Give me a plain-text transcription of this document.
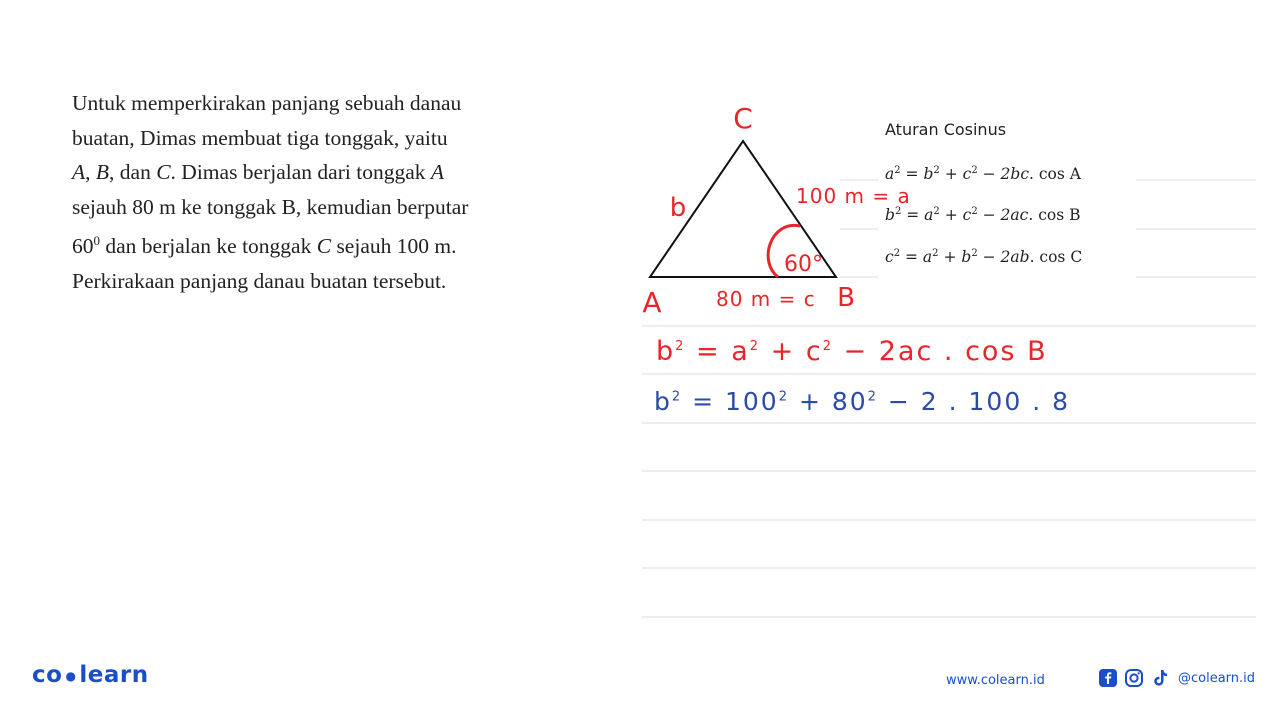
Untuk memperkirakan panjang sebuah danau

buatan, Dimas membuat tiga tonggak, yaitu

A, B, dan C. Dimas berjalan dari tonggak A

sejauh 80 m ke tonggak B, kemudian berputar

$60^0$ dan berjalan ke tonggak C sejauh 100 m.

Perkirakaan panjang danau buatan tersebut.

C
A	B
b	100 m = a
80 m = c
60°
Aturan Cosinus
$a^2 = b^2 + c^2 - 2bc$. cos A
$b^2 = a^2 + c^2 - 2ac$. cos B
$c^2 = a^2 + b^2 - 2ab$. cos C
$b^2 = a^2 + c^2 - 2ac$ . cos B
$b^2 = 100^2 + 80^2 - 2$ . 100 . 8
co ● learn	www.colearn.id	@colearn.id
